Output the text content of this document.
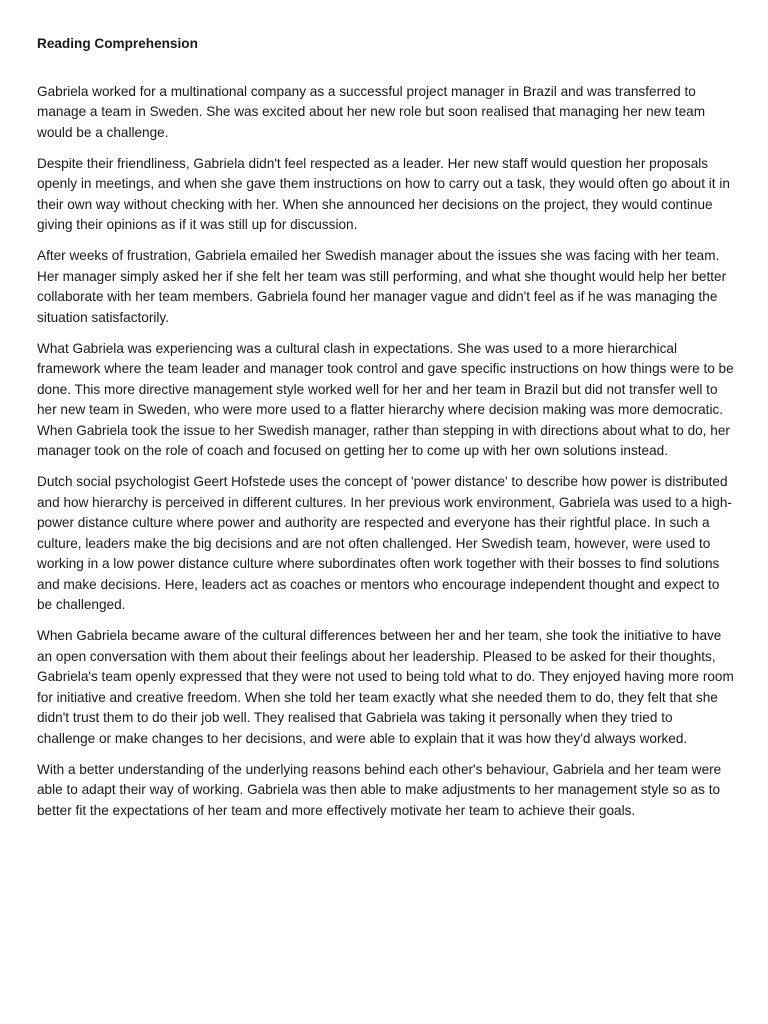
Reading Comprehension

Gabriela worked for a multinational company as a successful project manager in Brazil and was transferred to manage a team in Sweden. She was excited about her new role but soon realised that managing her new team would be a challenge.

Despite their friendliness, Gabriela didn't feel respected as a leader. Her new staff would question her proposals openly in meetings, and when she gave them instructions on how to carry out a task, they would often go about it in their own way without checking with her. When she announced her decisions on the project, they would continue giving their opinions as if it was still up for discussion.

After weeks of frustration, Gabriela emailed her Swedish manager about the issues she was facing with her team. Her manager simply asked her if she felt her team was still performing, and what she thought would help her better collaborate with her team members. Gabriela found her manager vague and didn't feel as if he was managing the situation satisfactorily.

What Gabriela was experiencing was a cultural clash in expectations. She was used to a more hierarchical framework where the team leader and manager took control and gave specific instructions on how things were to be done. This more directive management style worked well for her and her team in Brazil but did not transfer well to her new team in Sweden, who were more used to a flatter hierarchy where decision making was more democratic. When Gabriela took the issue to her Swedish manager, rather than stepping in with directions about what to do, her manager took on the role of coach and focused on getting her to come up with her own solutions instead.

Dutch social psychologist Geert Hofstede uses the concept of 'power distance' to describe how power is distributed and how hierarchy is perceived in different cultures. In her previous work environment, Gabriela was used to a high-power distance culture where power and authority are respected and everyone has their rightful place. In such a culture, leaders make the big decisions and are not often challenged. Her Swedish team, however, were used to working in a low power distance culture where subordinates often work together with their bosses to find solutions and make decisions. Here, leaders act as coaches or mentors who encourage independent thought and expect to be challenged.

When Gabriela became aware of the cultural differences between her and her team, she took the initiative to have an open conversation with them about their feelings about her leadership. Pleased to be asked for their thoughts, Gabriela's team openly expressed that they were not used to being told what to do. They enjoyed having more room for initiative and creative freedom. When she told her team exactly what she needed them to do, they felt that she didn't trust them to do their job well. They realised that Gabriela was taking it personally when they tried to challenge or make changes to her decisions, and were able to explain that it was how they'd always worked.

With a better understanding of the underlying reasons behind each other's behaviour, Gabriela and her team were able to adapt their way of working. Gabriela was then able to make adjustments to her management style so as to better fit the expectations of her team and more effectively motivate her team to achieve their goals.
